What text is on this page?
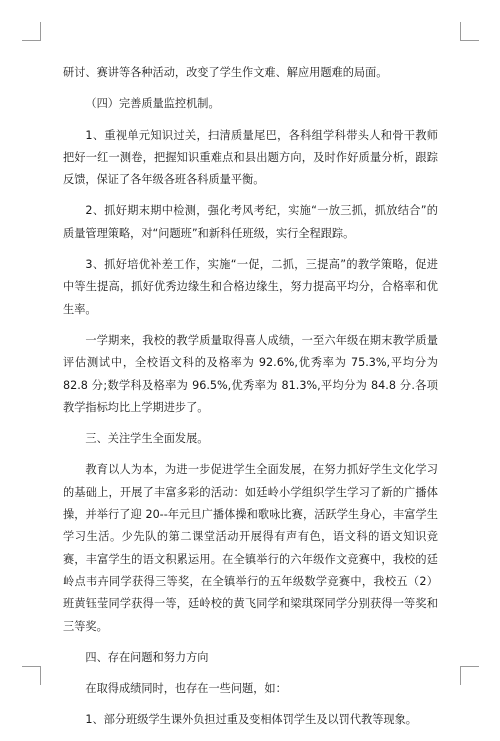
研讨、赛讲等各种活动，改变了学生作文难、解应用题难的局面。

（四）完善质量监控机制。

1、重视单元知识过关，扫清质量尾巴，各科组学科带头人和骨干教师把好一红一测卷，把握知识重难点和县出题方向，及时作好质量分析，跟踪反馈，保证了各年级各班各科质量平衡。

2、抓好期末期中检测，强化考风考纪，实施“一放三抓，抓放结合”的质量管理策略，对“问题班”和新科任班级，实行全程跟踪。

3、抓好培优补差工作，实施“一促，二抓，三提高”的教学策略，促进中等生提高，抓好优秀边缘生和合格边缘生，努力提高平均分，合格率和优生率。

一学期来，我校的教学质量取得喜人成绩，一至六年级在期末教学质量评估测试中，全校语文科的及格率为 92.6%,优秀率为 75.3%,平均分为 82.8 分;数学科及格率为 96.5%,优秀率为 81.3%,平均分为 84.8 分.各项教学指标均比上学期进步了。

三、关注学生全面发展。

教育以人为本，为进一步促进学生全面发展，在努力抓好学生文化学习的基础上，开展了丰富多彩的活动：如廷岭小学组织学生学习了新的广播体操，并举行了迎 20--年元旦广播体操和歌咏比赛，活跃学生身心，丰富学生学习生活。少先队的第二课堂活动开展得有声有色，语文科的语文知识竞赛，丰富学生的语文积累运用。在全镇举行的六年级作文竞赛中，我校的廷岭点韦卉同学获得三等奖，在全镇举行的五年级数学竞赛中，我校五（2）班黄钰莹同学获得一等，廷岭校的黄飞同学和梁琪琛同学分别获得一等奖和三等奖。

四、存在问题和努力方向

在取得成绩同时，也存在一些问题，如：

1、部分班级学生课外负担过重及变相体罚学生及以罚代教等现象。
